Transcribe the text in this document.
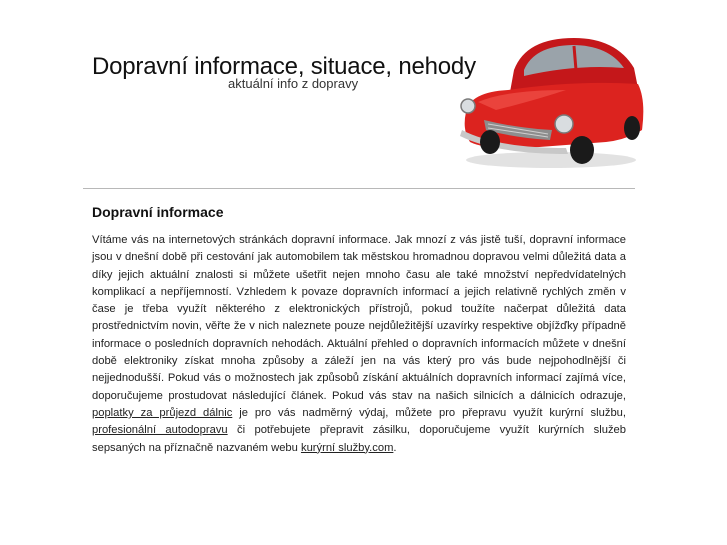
Dopravní informace, situace, nehody
aktuální info z dopravy
Dopravní informace

Vítáme vás na internetových stránkách dopravní informace. Jak mnozí z vás jistě tuší, dopravní informace jsou v dnešní době při cestování jak automobilem tak městskou hromadnou dopravou velmi důležitá data a díky jejich aktuální znalosti si můžete ušetřit nejen mnoho času ale také množství nepředvídatelných komplikací a nepříjemností. Vzhledem k povaze dopravních informací a jejich relativně rychlých změn v čase je třeba využít některého z elektronických přístrojů, pokud toužíte načerpat důležitá data prostřednictvím novin, věřte že v nich naleznete pouze nejdůležitější uzavírky respektive objížďky případně informace o posledních dopravních nehodách. Aktuální přehled o dopravních informacích můžete v dnešní době elektroniky získat mnoha způsoby a záleží jen na vás který pro vás bude nejpohodlnější či nejjednodušší. Pokud vás o možnostech jak způsobů získání aktuálních dopravních informací zajímá více, doporučujeme prostudovat následující článek. Pokud vás stav na našich silnicích a dálnicích odrazuje, poplatky za průjezd dálnic je pro vás nadměrný výdaj, můžete pro přepravu využít kurýrní službu, profesionální autodopravu či potřebujete přepravit zásilku, doporučujeme využít kurýrních služeb sepsaných na příznačně nazvaném webu kurýrní služby.com.
